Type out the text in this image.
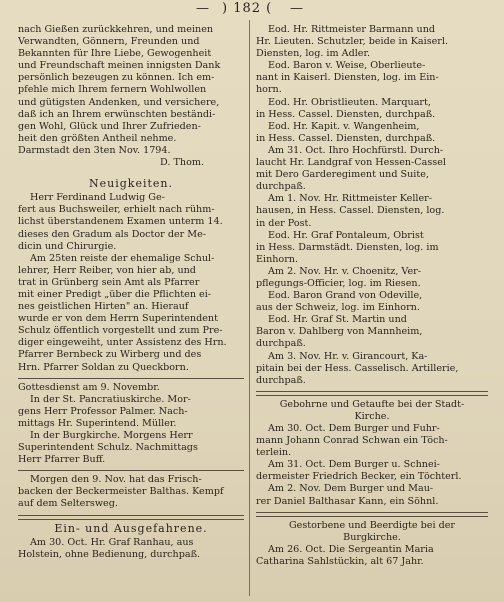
— ) 182 ( —
nach Gießen zurückkehren, und meinen
Verwandten, Gönnern, Freunden und
Bekannten für Ihre Liebe, Gewogenheit
und Freundschaft meinen innigsten Dank
persönlich bezeugen zu können. Ich em-
pfehle mich Ihrem fernern Wohlwollen
und gütigsten Andenken, und versichere,
daß ich an Ihrem erwünschten beständi-
gen Wohl, Glück und Ihrer Zufrieden-
heit den größten Antheil nehme.
Darmstadt den 3ten Nov. 1794.
D. Thom.
Neuigkeiten.
Herr Ferdinand Ludwig Ge-
fert aus Buchsweiler, erhielt nach rühm-
lichst überstandenem Examen unterm 14.
dieses den Gradum als Doctor der Me-
dicin und Chirurgie.
Am 25ten reiste der ehemalige Schul-
lehrer, Herr Reiber, von hier ab, und
trat in Grünberg sein Amt als Pfarrer
mit einer Predigt „über die Pflichten ei-
nes geistlichen Hirten" an. Hierauf
wurde er von dem Herrn Superintendent
Schulz öffentlich vorgestellt und zum Pre-
diger eingeweiht, unter Assistenz des Hrn.
Pfarrer Bernbeck zu Wirberg und des
Hrn. Pfarrer Soldan zu Queckborn.
Gottesdienst am 9. Novembr.
In der St. Pancratiuskirche. Mor-
gens Herr Professor Palmer. Nach-
mittags Hr. Superintend. Müller.
In der Burgkirche. Morgens Herr
Superintendent Schulz. Nachmittags
Herr Pfarrer Buff.
Morgen den 9. Nov. hat das Frisch-
backen der Beckermeister Balthas. Kempf
auf dem Seltersweg.
Ein- und Ausgefahrene.
Am 30. Oct. Hr. Graf Ranhau, aus
Holstein, ohne Bedienung, durchpaß.
Eod. Hr. Rittmeister Barmann und
Hr. Lieuten. Schutzler, beide in Kaiserl.
Diensten, log. im Adler.
Eod. Baron v. Weise, Oberlieute-
nant in Kaiserl. Diensten, log. im Ein-
horn.
Eod. Hr. Obristlieuten. Marquart,
in Hess. Cassel. Diensten, durchpaß.
Eod. Hr. Kapit. v. Wangenheim,
in Hess. Cassel. Diensten, durchpaß.
Am 31. Oct. Ihro Hochfürstl. Durch-
laucht Hr. Landgraf von Hessen-Cassel
mit Dero Garderegiment und Suite,
durchpaß.
Am 1. Nov. Hr. Rittmeister Keller-
hausen, in Hess. Cassel. Diensten, log.
in der Post.
Eod. Hr. Graf Pontaleum, Obrist
in Hess. Darmstädt. Diensten, log. im
Einhorn.
Am 2. Nov. Hr. v. Choenitz, Ver-
pflegungs-Officier, log. im Riesen.
Eod. Baron Grand von Odeville,
aus der Schweiz, log. im Einhorn.
Eod. Hr. Graf St. Martin und
Baron v. Dahlberg von Mannheim,
durchpaß.
Am 3. Nov. Hr. v. Girancourt, Ka-
pitain bei der Hess. Casselisch. Artillerie,
durchpaß.
Gebohrne und Getaufte bei der Stadt-
Kirche.
Am 30. Oct. Dem Burger und Fuhr-
mann Johann Conrad Schwan ein Töch-
terlein.
Am 31. Oct. Dem Burger u. Schnei-
dermeister Friedrich Becker, ein Töchterl.
Am 2. Nov. Dem Burger und Mau-
rer Daniel Balthasar Kann, ein Söhnl.
Gestorbene und Beerdigte bei der
Burgkirche.
Am 26. Oct. Die Sergeantin Maria
Catharina Sahlstückin, alt 67 Jahr.
